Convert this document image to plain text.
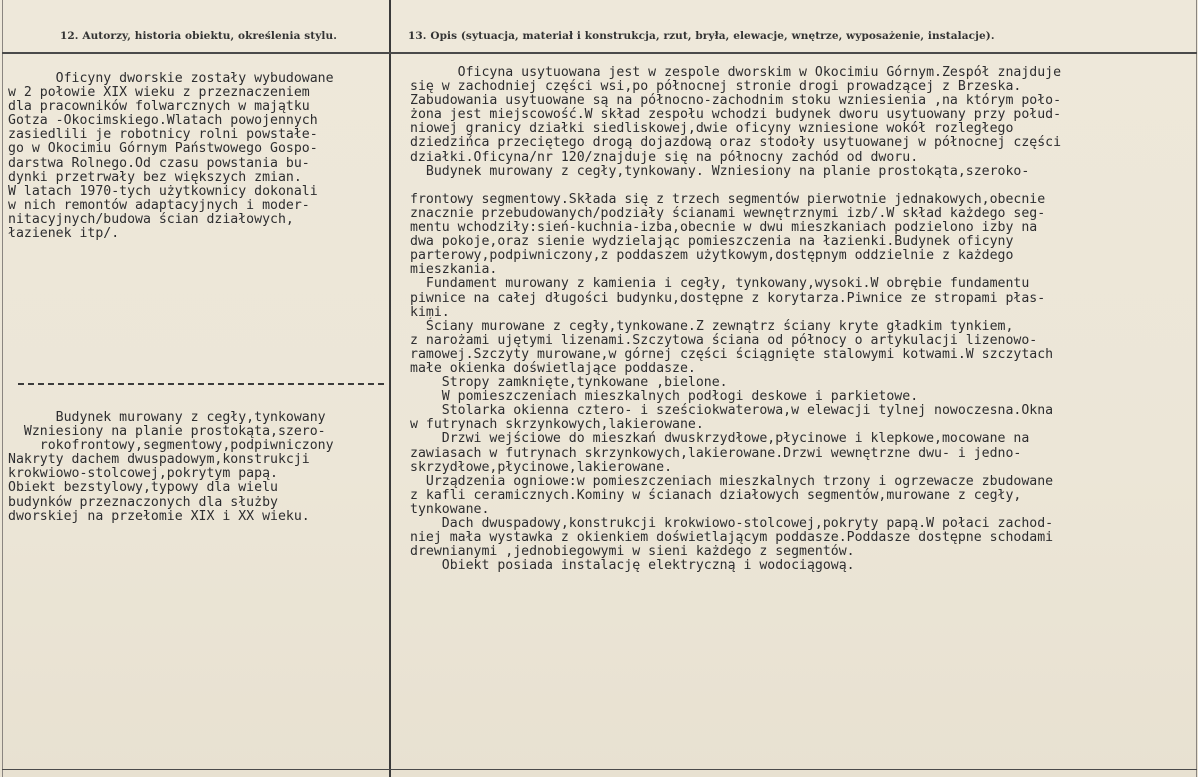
12. Autorzy, historia obiektu, określenia stylu.	13. Opis (sytuacja, materiał i konstrukcja, rzut, bryła, elewacje, wnętrze, wyposażenie, instalacje).
Oficyny dworskie zostały wybudowane
w 2 połowie XIX wieku z przeznaczeniem
dla pracowników folwarcznych w majątku
Gotza -Okocimskiego.Wlatach powojennych
zasiedlili je robotnicy rolni powstałe-
go w Okocimiu Górnym Państwowego Gospo-
darstwa Rolnego.Od czasu powstania bu-
dynki przetrwały bez większych zmian.
W latach 1970-tych użytkownicy dokonali
w nich remontów adaptacyjnych i moder-
nitacyjnych/budowa ścian działowych,
łazienek itp/.
Budynek murowany z cegły,tynkowany
Wzniesiony na planie prostokąta,szero-
rokofrontowy,segmentowy,podpiwniczony
Nakryty dachem dwuspadowym,konstrukcji
krokwiowo-stolcowej,pokrytym papą.
Obiekt bezstylowy,typowy dla wielu
budynków przeznaczonych dla służby
dworskiej na przełomie XIX i XX wieku.
Oficyna usytuowana jest w zespole dworskim w Okocimiu Górnym.Zespół znajduje
się w zachodniej części wsi,po północnej stronie drogi prowadzącej z Brzeska.
Zabudowania usytuowane są na północno-zachodnim stoku wzniesienia ,na którym poło-
żona jest miejscowość.W skład zespołu wchodzi budynek dworu usytuowany przy połud-
niowej granicy działki siedliskowej,dwie oficyny wzniesione wokół rozległego
dziedzińca przeciętego drogą dojazdową oraz stodoły usytuowanej w północnej części
działki.Oficyna/nr 120/znajduje się na północny zachód od dworu.
Budynek murowany z cegły,tynkowany. Wzniesiony na planie prostokąta,szeroko-
frontowy segmentowy.Składa się z trzech segmentów pierwotnie jednakowych,obecnie
znacznie przebudowanych/podziały ścianami wewnętrznymi izb/.W skład każdego seg-
mentu wchodziły:sień-kuchnia-izba,obecnie w dwu mieszkaniach podzielono izby na
dwa pokoje,oraz sienie wydzielając pomieszczenia na łazienki.Budynek oficyny
parterowy,podpiwniczony,z poddaszem użytkowym,dostępnym oddzielnie z każdego
mieszkania.
Fundament murowany z kamienia i cegły, tynkowany,wysoki.W obrębie fundamentu
piwnice na całej długości budynku,dostępne z korytarza.Piwnice ze stropami płas-
kimi.
Ściany murowane z cegły,tynkowane.Z zewnątrz ściany kryte gładkim tynkiem,
z narożami ujętymi lizenami.Szczytowa ściana od północy o artykulacji lizenowo-
ramowej.Szczyty murowane,w górnej części ściągnięte stalowymi kotwami.W szczytach
małe okienka doświetlające poddasze.
Stropy zamknięte,tynkowane ,bielone.
W pomieszczeniach mieszkalnych podłogi deskowe i parkietowe.
Stolarka okienna cztero- i sześciokwaterowa,w elewacji tylnej nowoczesna.Okna
w futrynach skrzynkowych,lakierowane.
Drzwi wejściowe do mieszkań dwuskrzydłowe,płycinowe i klepkowe,mocowane na
zawiasach w futrynach skrzynkowych,lakierowane.Drzwi wewnętrzne dwu- i jedno-
skrzydłowe,płycinowe,lakierowane.
Urządzenia ogniowe:w pomieszczeniach mieszkalnych trzony i ogrzewacze zbudowane
z kafli ceramicznych.Kominy w ścianach działowych segmentów,murowane z cegły,
tynkowane.
Dach dwuspadowy,konstrukcji krokwiowo-stolcowej,pokryty papą.W połaci zachod-
niej mała wystawka z okienkiem doświetlającym poddasze.Poddasze dostępne schodami
drewnianymi ,jednobiegowymi w sieni każdego z segmentów.
Obiekt posiada instalację elektryczną i wodociągową.
